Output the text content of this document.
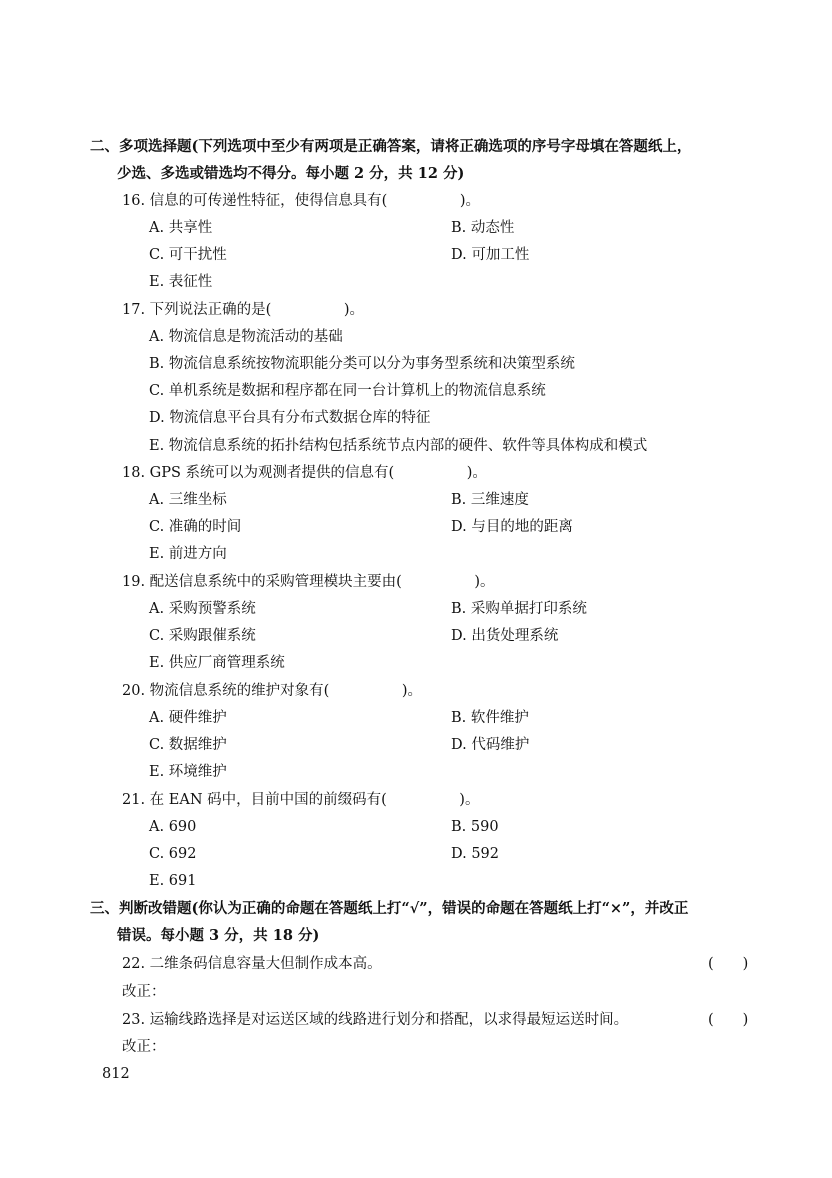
二、多项选择题(下列选项中至少有两项是正确答案，请将正确选项的序号字母填在答题纸上，
少选、多选或错选均不得分。每小题 2 分，共 12 分)
16. 信息的可传递性特征，使得信息具有(　　　　　)。
A. 共享性	B. 动态性
C. 可干扰性	D. 可加工性
E. 表征性
17. 下列说法正确的是(　　　　　)。
A. 物流信息是物流活动的基础
B. 物流信息系统按物流职能分类可以分为事务型系统和决策型系统
C. 单机系统是数据和程序都在同一台计算机上的物流信息系统
D. 物流信息平台具有分布式数据仓库的特征
E. 物流信息系统的拓扑结构包括系统节点内部的硬件、软件等具体构成和模式
18. GPS 系统可以为观测者提供的信息有(　　　　　)。
A. 三维坐标	B. 三维速度
C. 准确的时间	D. 与目的地的距离
E. 前进方向
19. 配送信息系统中的采购管理模块主要由(　　　　　)。
A. 采购预警系统	B. 采购单据打印系统
C. 采购跟催系统	D. 出货处理系统
E. 供应厂商管理系统
20. 物流信息系统的维护对象有(　　　　　)。
A. 硬件维护	B. 软件维护
C. 数据维护	D. 代码维护
E. 环境维护
21. 在 EAN 码中，目前中国的前缀码有(　　　　　)。
A. 690	B. 590
C. 692	D. 592
E. 691
三、判断改错题(你认为正确的命题在答题纸上打“√”，错误的命题在答题纸上打“×”，并改正
错误。每小题 3 分，共 18 分)
22. 二维条码信息容量大但制作成本高。	(　　)
改正：
23. 运输线路选择是对运送区域的线路进行划分和搭配，以求得最短运送时间。	(　　)
改正：
812
